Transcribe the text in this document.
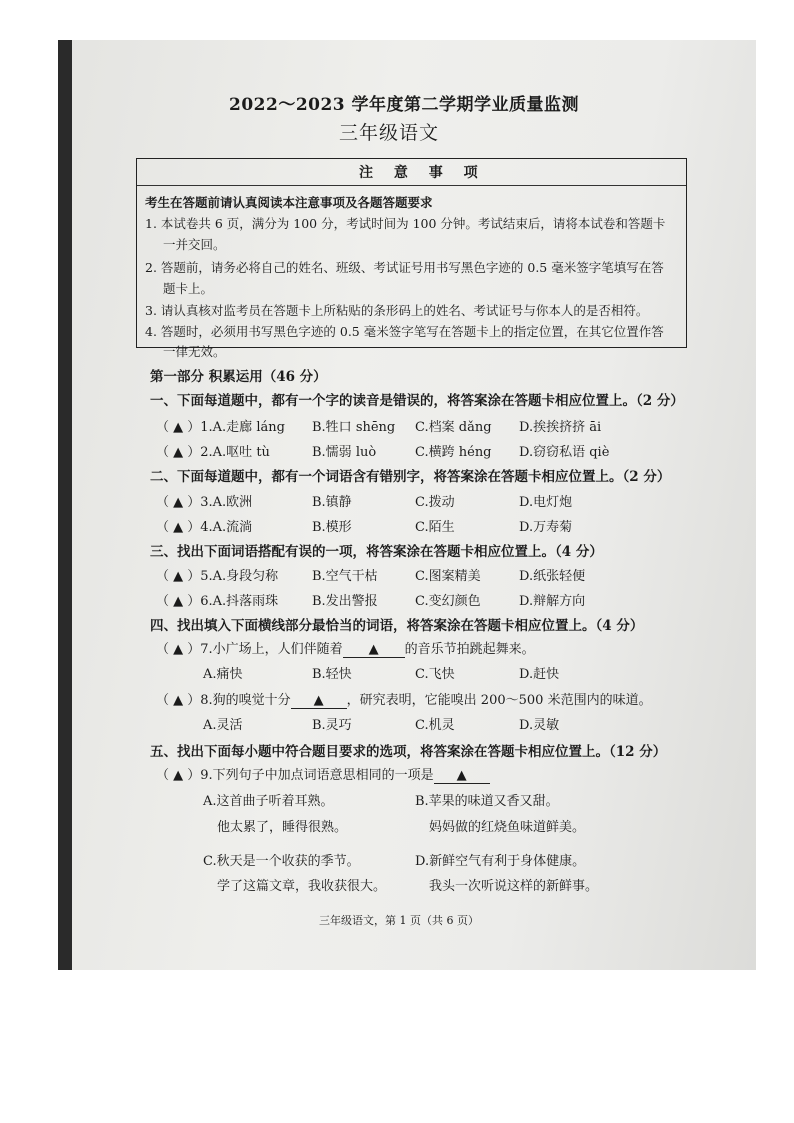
2022～2023 学年度第二学期学业质量监测
三年级语文
注 意 事 项
考生在答题前请认真阅读本注意事项及各题答题要求
1. 本试卷共 6 页，满分为 100 分，考试时间为 100 分钟。考试结束后，请将本试卷和答题卡
一并交回。
2. 答题前，请务必将自己的姓名、班级、考试证号用书写黑色字迹的 0.5 毫米签字笔填写在答
题卡上。
3. 请认真核对监考员在答题卡上所粘贴的条形码上的姓名、考试证号与你本人的是否相符。
4. 答题时，必须用书写黑色字迹的 0.5 毫米签字笔写在答题卡上的指定位置，在其它位置作答
一律无效。
第一部分 积累运用（46 分）
一、下面每道题中，都有一个字的读音是错误的，将答案涂在答题卡相应位置上。（2 分）
（ ▲ ）1.A.走廊 láng B.牲口 shēng C.档案 dǎng D.挨挨挤挤 āi
（ ▲ ）2.A.呕吐 tù	B.懦弱 luò	C.横跨 héng D.窃窃私语 qiè
二、下面每道题中，都有一个词语含有错别字，将答案涂在答题卡相应位置上。（2 分）
（ ▲ ）3.A.欧洲	B.镇静	C.拨动	D.电灯炮
（ ▲ ）4.A.流淌	B.模形	C.陌生	D.万寿菊
三、找出下面词语搭配有误的一项，将答案涂在答题卡相应位置上。（4 分）
（ ▲ ）5.A.身段匀称	B.空气干枯	C.图案精美	D.纸张轻便
（ ▲ ）6.A.抖落雨珠	B.发出警报	C.变幻颜色	D.辩解方向
四、找出填入下面横线部分最恰当的词语，将答案涂在答题卡相应位置上。（4 分）
（ ▲ ）7.小广场上，人们伴随着 ▲ 的音乐节拍跳起舞来。
A.痛快	B.轻快	C.飞快	D.赶快
（ ▲ ）8.狗的嗅觉十分 ▲ ，研究表明，它能嗅出 200～500 米范围内的味道。
A.灵活	B.灵巧	C.机灵	D.灵敏
五、找出下面每小题中符合题目要求的选项，将答案涂在答题卡相应位置上。（12 分）
（ ▲ ）9.下列句子中加点词语意思相同的一项是 ▲
A.这首曲子听着耳熟。
他太累了，睡得很熟。
B.苹果的味道又香又甜。
妈妈做的红烧鱼味道鲜美。
C.秋天是一个收获的季节。
学了这篇文章，我收获很大。
D.新鲜空气有利于身体健康。
我头一次听说这样的新鲜事。
三年级语文，第 1 页（共 6 页）
